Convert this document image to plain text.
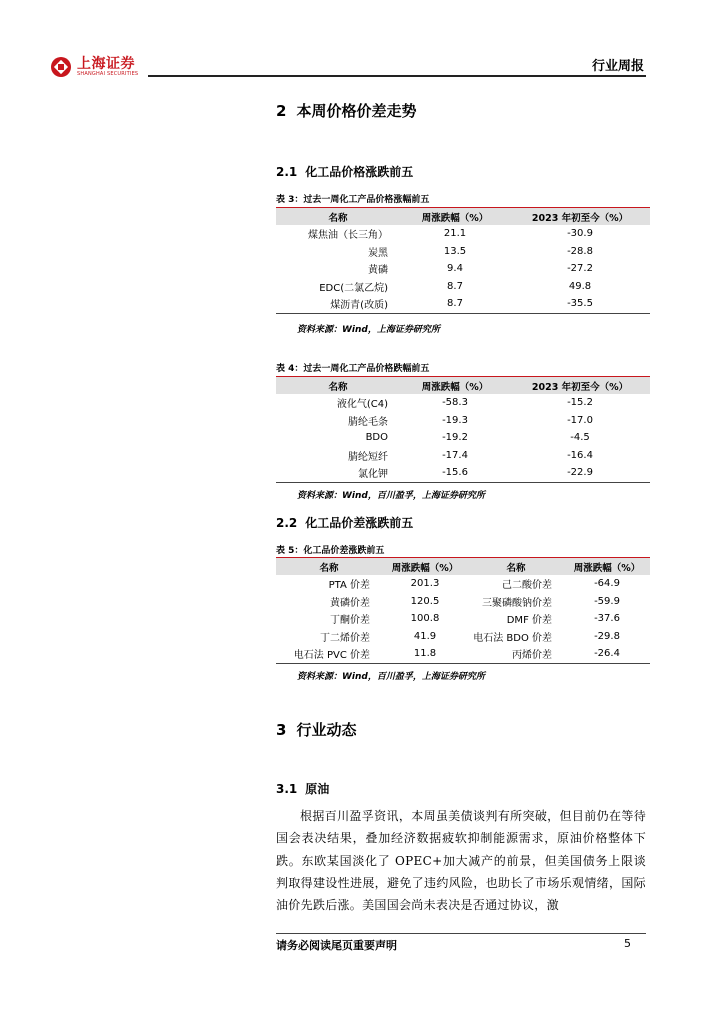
上海证券
SHANGHAI SECURITIES	行业周报
2 本周价格价差走势
2.1 化工品价格涨跌前五
表 3：过去一周化工产品价格涨幅前五
名称	周涨跌幅（%）	2023 年初至今（%）
煤焦油（长三角）	21.1	-30.9
炭黑	13.5	-28.8
黄磷	9.4	-27.2
EDC(二氯乙烷)	8.7	49.8
煤沥青(改质)	8.7	-35.5
资料来源：Wind，上海证券研究所
表 4：过去一周化工产品价格跌幅前五
名称	周涨跌幅（%）	2023 年初至今（%）
液化气(C4)	-58.3	-15.2
腈纶毛条	-19.3	-17.0
BDO	-19.2	-4.5
腈纶短纤	-17.4	-16.4
氯化钾	-15.6	-22.9
资料来源：Wind，百川盈孚，上海证券研究所
2.2 化工品价差涨跌前五
表 5：化工品价差涨跌前五
名称	周涨跌幅（%）	名称	周涨跌幅（%）
PTA 价差	201.3	己二酸价差	-64.9
黄磷价差	120.5	三聚磷酸钠价差	-59.9
丁酮价差	100.8	DMF 价差	-37.6
丁二烯价差	41.9	电石法 BDO 价差	-29.8
电石法 PVC 价差	11.8	丙烯价差	-26.4
资料来源：Wind，百川盈孚，上海证券研究所
3 行业动态
3.1 原油
根据百川盈孚资讯，本周虽美债谈判有所突破，但目前仍在等待国会表决结果，叠加经济数据疲软抑制能源需求，原油价格整体下跌。东欧某国淡化了 OPEC+加大减产的前景，但美国债务上限谈判取得建设性进展，避免了违约风险，也助长了市场乐观情绪，国际油价先跌后涨。美国国会尚未表决是否通过协议，激
请务必阅读尾页重要声明	5
